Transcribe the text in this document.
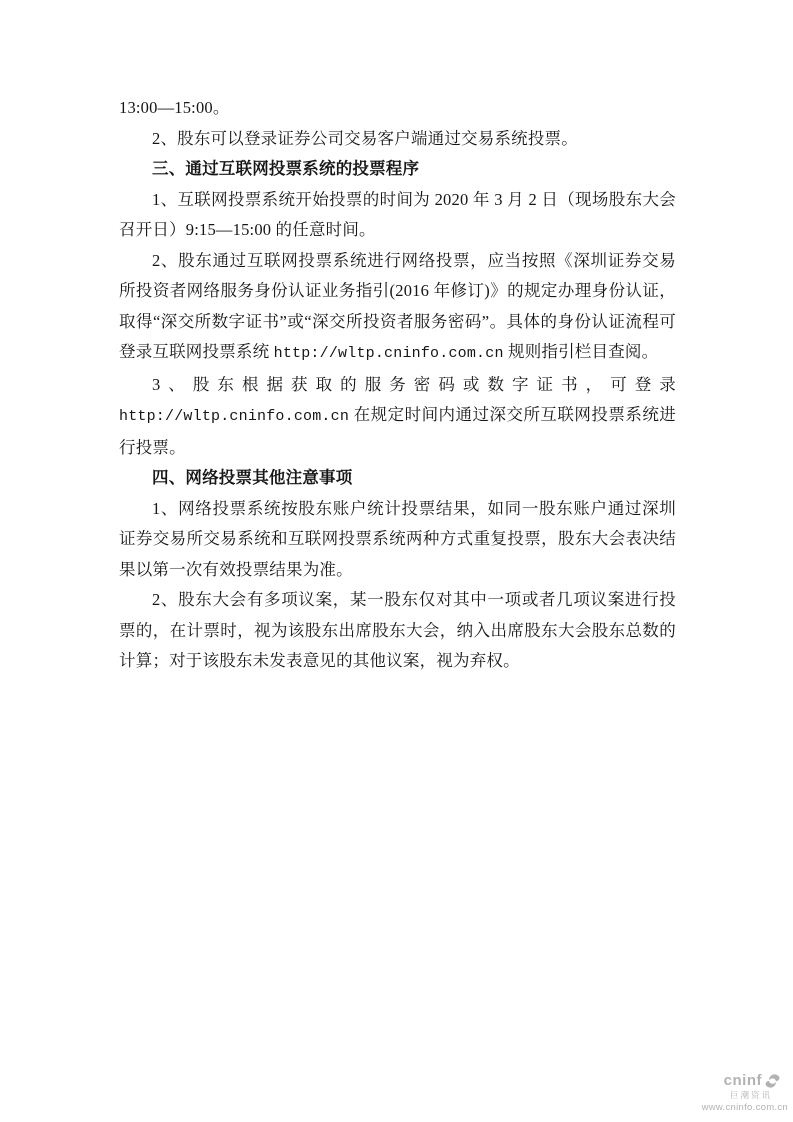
13:00—15:00。

2、股东可以登录证券公司交易客户端通过交易系统投票。

三、通过互联网投票系统的投票程序

1、互联网投票系统开始投票的时间为 2020 年 3 月 2 日（现场股东大会召开日）9:15—15:00 的任意时间。

2、股东通过互联网投票系统进行网络投票，应当按照《深圳证券交易所投资者网络服务身份认证业务指引(2016 年修订)》的规定办理身份认证，取得“深交所数字证书”或“深交所投资者服务密码”。具体的身份认证流程可登录互联网投票系统 http://wltp.cninfo.com.cn 规则指引栏目查阅。

3、股东根据获取的服务密码或数字证书，可登录 http://wltp.cninfo.com.cn 在规定时间内通过深交所互联网投票系统进行投票。

四、网络投票其他注意事项

1、网络投票系统按股东账户统计投票结果，如同一股东账户通过深圳证券交易所交易系统和互联网投票系统两种方式重复投票，股东大会表决结果以第一次有效投票结果为准。

2、股东大会有多项议案，某一股东仅对其中一项或者几项议案进行投票的，在计票时，视为该股东出席股东大会，纳入出席股东大会股东总数的计算；对于该股东未发表意见的其他议案，视为弃权。

cninf
巨潮资讯
www.cninfo.com.cn
